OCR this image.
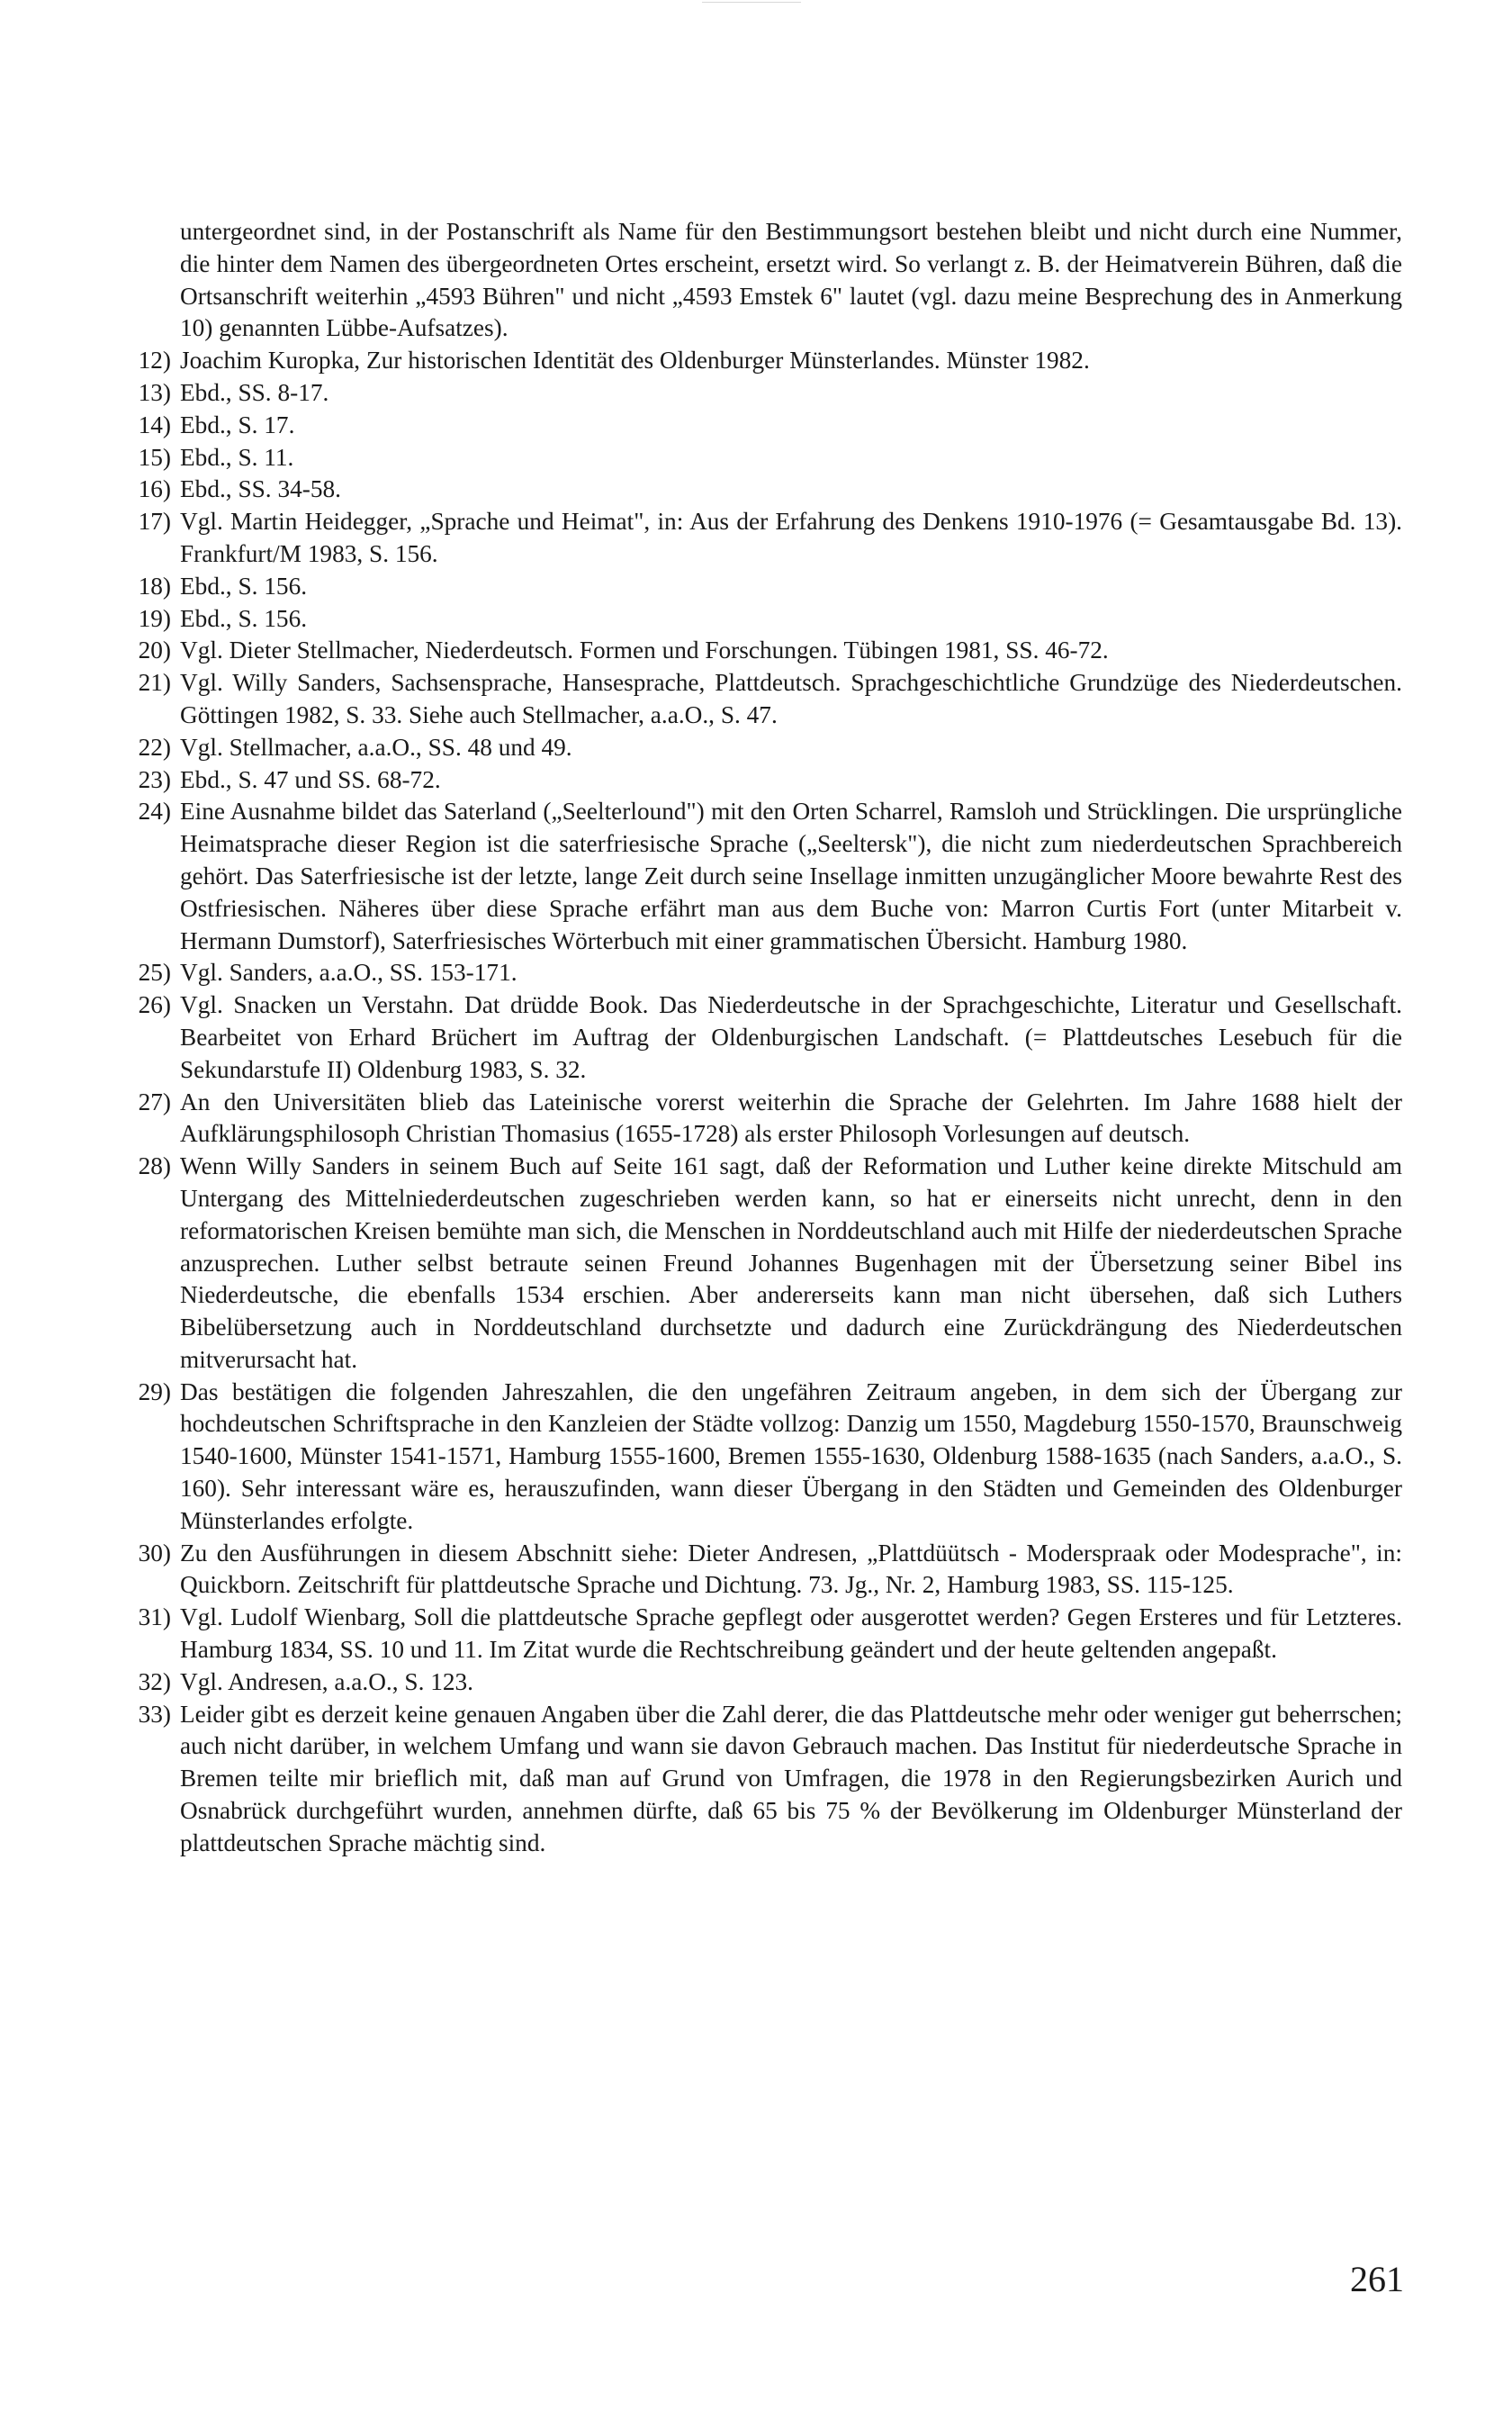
untergeordnet sind, in der Postanschrift als Name für den Bestimmungsort bestehen bleibt und nicht durch eine Nummer, die hinter dem Namen des übergeordneten Ortes erscheint, ersetzt wird. So verlangt z. B. der Heimatverein Bühren, daß die Ortsanschrift weiterhin „4593 Bühren" und nicht „4593 Emstek 6" lautet (vgl. dazu meine Besprechung des in Anmerkung 10) genannten Lübbe-Aufsatzes).
12) Joachim Kuropka, Zur historischen Identität des Oldenburger Münsterlandes. Münster 1982.
13) Ebd., SS. 8-17.
14) Ebd., S. 17.
15) Ebd., S. 11.
16) Ebd., SS. 34-58.
17) Vgl. Martin Heidegger, „Sprache und Heimat", in: Aus der Erfahrung des Denkens 1910-1976 (= Gesamtausgabe Bd. 13). Frankfurt/M 1983, S. 156.
18) Ebd., S. 156.
19) Ebd., S. 156.
20) Vgl. Dieter Stellmacher, Niederdeutsch. Formen und Forschungen. Tübingen 1981, SS. 46-72.
21) Vgl. Willy Sanders, Sachsensprache, Hansesprache, Plattdeutsch. Sprachgeschichtliche Grundzüge des Niederdeutschen. Göttingen 1982, S. 33. Siehe auch Stellmacher, a.a.O., S. 47.
22) Vgl. Stellmacher, a.a.O., SS. 48 und 49.
23) Ebd., S. 47 und SS. 68-72.
24) Eine Ausnahme bildet das Saterland („Seelterlound") mit den Orten Scharrel, Ramsloh und Strücklingen. Die ursprüngliche Heimatsprache dieser Region ist die saterfriesische Sprache („Seeltersk"), die nicht zum niederdeutschen Sprachbereich gehört. Das Saterfriesische ist der letzte, lange Zeit durch seine Insellage inmitten unzugänglicher Moore bewahrte Rest des Ostfriesischen. Näheres über diese Sprache erfährt man aus dem Buche von: Marron Curtis Fort (unter Mitarbeit v. Hermann Dumstorf), Saterfriesisches Wörterbuch mit einer grammatischen Übersicht. Hamburg 1980.
25) Vgl. Sanders, a.a.O., SS. 153-171.
26) Vgl. Snacken un Verstahn. Dat drüdde Book. Das Niederdeutsche in der Sprachgeschichte, Literatur und Gesellschaft. Bearbeitet von Erhard Brüchert im Auftrag der Oldenburgischen Landschaft. (= Plattdeutsches Lesebuch für die Sekundarstufe II) Oldenburg 1983, S. 32.
27) An den Universitäten blieb das Lateinische vorerst weiterhin die Sprache der Gelehrten. Im Jahre 1688 hielt der Aufklärungsphilosoph Christian Thomasius (1655-1728) als erster Philosoph Vorlesungen auf deutsch.
28) Wenn Willy Sanders in seinem Buch auf Seite 161 sagt, daß der Reformation und Luther keine direkte Mitschuld am Untergang des Mittelniederdeutschen zugeschrieben werden kann, so hat er einerseits nicht unrecht, denn in den reformatorischen Kreisen bemühte man sich, die Menschen in Norddeutschland auch mit Hilfe der niederdeutschen Sprache anzusprechen. Luther selbst betraute seinen Freund Johannes Bugenhagen mit der Übersetzung seiner Bibel ins Niederdeutsche, die ebenfalls 1534 erschien. Aber andererseits kann man nicht übersehen, daß sich Luthers Bibelübersetzung auch in Norddeutschland durchsetzte und dadurch eine Zurückdrängung des Niederdeutschen mitverursacht hat.
29) Das bestätigen die folgenden Jahreszahlen, die den ungefähren Zeitraum angeben, in dem sich der Übergang zur hochdeutschen Schriftsprache in den Kanzleien der Städte vollzog: Danzig um 1550, Magdeburg 1550-1570, Braunschweig 1540-1600, Münster 1541-1571, Hamburg 1555-1600, Bremen 1555-1630, Oldenburg 1588-1635 (nach Sanders, a.a.O., S. 160). Sehr interessant wäre es, herauszufinden, wann dieser Übergang in den Städten und Gemeinden des Oldenburger Münsterlandes erfolgte.
30) Zu den Ausführungen in diesem Abschnitt siehe: Dieter Andresen, „Plattdüütsch - Moderspraak oder Modesprache", in: Quickborn. Zeitschrift für plattdeutsche Sprache und Dichtung. 73. Jg., Nr. 2, Hamburg 1983, SS. 115-125.
31) Vgl. Ludolf Wienbarg, Soll die plattdeutsche Sprache gepflegt oder ausgerottet werden? Gegen Ersteres und für Letzteres. Hamburg 1834, SS. 10 und 11. Im Zitat wurde die Rechtschreibung geändert und der heute geltenden angepaßt.
32) Vgl. Andresen, a.a.O., S. 123.
33) Leider gibt es derzeit keine genauen Angaben über die Zahl derer, die das Plattdeutsche mehr oder weniger gut beherrschen; auch nicht darüber, in welchem Umfang und wann sie davon Gebrauch machen. Das Institut für niederdeutsche Sprache in Bremen teilte mir brieflich mit, daß man auf Grund von Umfragen, die 1978 in den Regierungsbezirken Aurich und Osnabrück durchgeführt wurden, annehmen dürfte, daß 65 bis 75 % der Bevölkerung im Oldenburger Münsterland der plattdeutschen Sprache mächtig sind.
261
